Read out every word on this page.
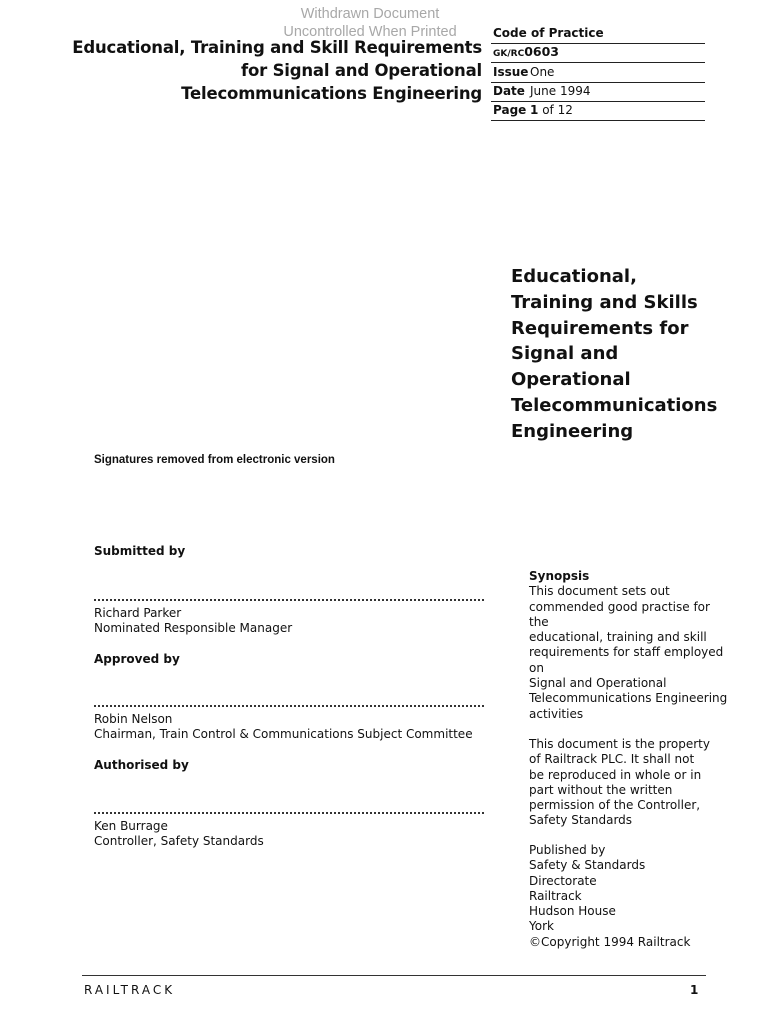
Withdrawn Document
Uncontrolled When Printed
Educational, Training and Skill Requirements
for Signal and Operational
Telecommunications Engineering
Code of Practice
GK/RC0603
Issue One
Date June 1994
Page 1 of 12
Educational,
Training and Skills
Requirements for
Signal and
Operational
Telecommunications
Engineering
Signatures removed from electronic version
Submitted by
Richard Parker
Nominated Responsible Manager
Approved by
Robin Nelson
Chairman, Train Control & Communications Subject Committee
Authorised by
Ken Burrage
Controller, Safety Standards
Synopsis
This document sets out
commended good practise for the
educational, training and skill
requirements for staff employed
on
Signal and Operational
Telecommunications Engineering
activities
This document is the property
of Railtrack PLC. It shall not
be reproduced in whole or in
part without the written
permission of the Controller,
Safety Standards
Published by
Safety & Standards
Directorate
Railtrack
Hudson House
York
©Copyright 1994 Railtrack
RAILTRACK	1
